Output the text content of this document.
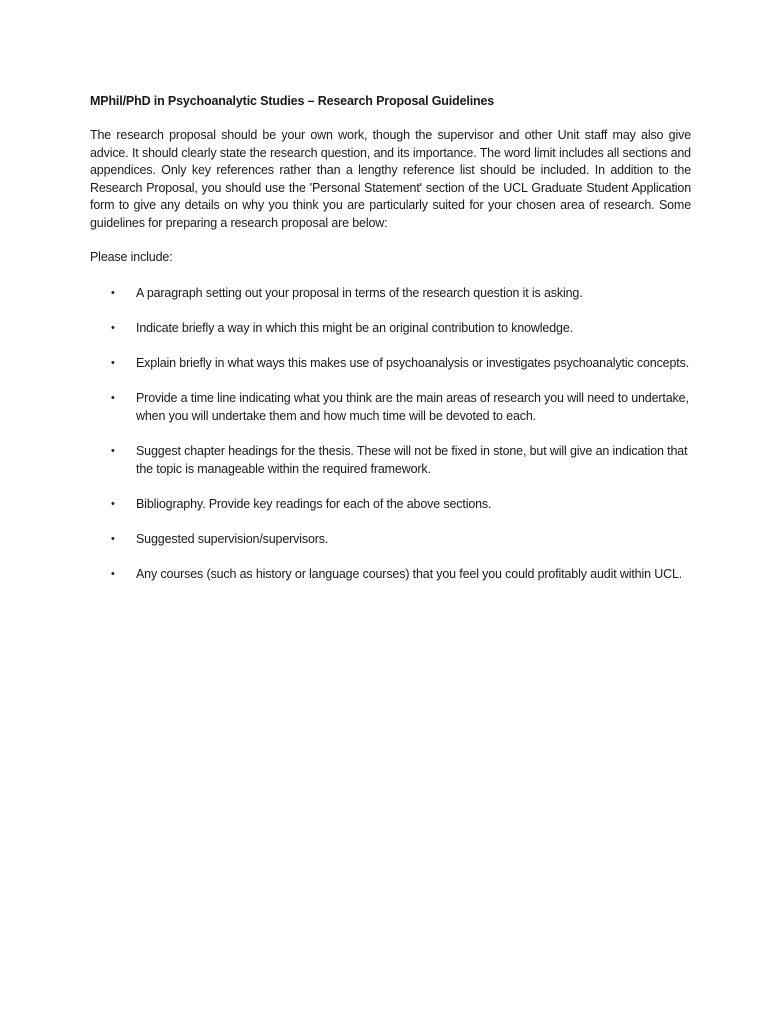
MPhil/PhD in Psychoanalytic Studies – Research Proposal Guidelines

The research proposal should be your own work, though the supervisor and other Unit staff may also give advice. It should clearly state the research question, and its importance. The word limit includes all sections and appendices. Only key references rather than a lengthy reference list should be included. In addition to the Research Proposal, you should use the 'Personal Statement' section of the UCL Graduate Student Application form to give any details on why you think you are particularly suited for your chosen area of research. Some guidelines for preparing a research proposal are below:

Please include:

• A paragraph setting out your proposal in terms of the research question it is asking.
• Indicate briefly a way in which this might be an original contribution to knowledge.
• Explain briefly in what ways this makes use of psychoanalysis or investigates psychoanalytic concepts.
• Provide a time line indicating what you think are the main areas of research you will need to undertake, when you will undertake them and how much time will be devoted to each.
• Suggest chapter headings for the thesis. These will not be fixed in stone, but will give an indication that the topic is manageable within the required framework.
• Bibliography. Provide key readings for each of the above sections.
• Suggested supervision/supervisors.
• Any courses (such as history or language courses) that you feel you could profitably audit within UCL.
